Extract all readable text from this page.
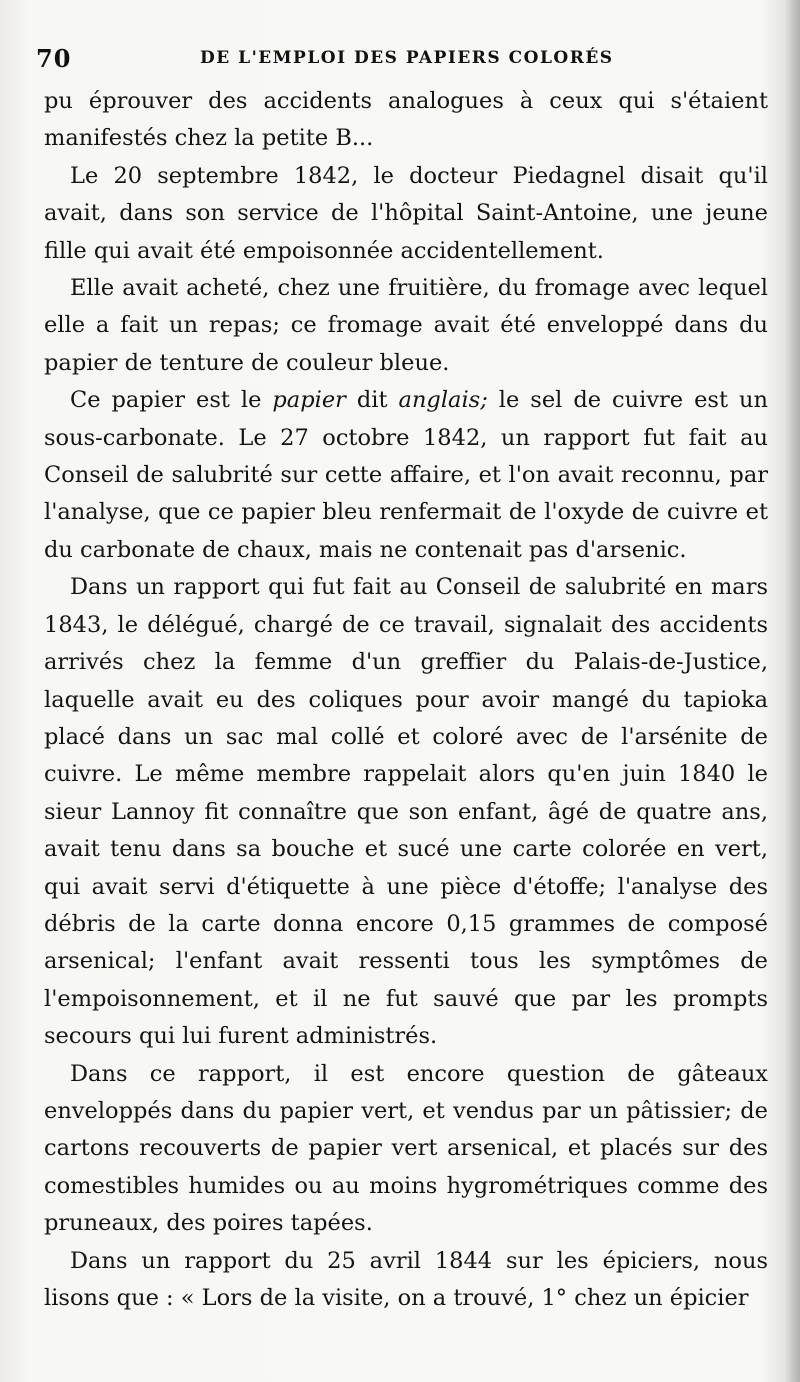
70	DE L'EMPLOI DES PAPIERS COLORÉS

pu éprouver des accidents analogues à ceux qui s'étaient manifestés chez la petite B...

Le 20 septembre 1842, le docteur Piedagnel disait qu'il avait, dans son service de l'hôpital Saint-Antoine, une jeune fille qui avait été empoisonnée accidentellement.

Elle avait acheté, chez une fruitière, du fromage avec lequel elle a fait un repas; ce fromage avait été enveloppé dans du papier de tenture de couleur bleue.

Ce papier est le papier dit anglais; le sel de cuivre est un sous-carbonate. Le 27 octobre 1842, un rapport fut fait au Conseil de salubrité sur cette affaire, et l'on avait reconnu, par l'analyse, que ce papier bleu renfermait de l'oxyde de cuivre et du carbonate de chaux, mais ne contenait pas d'arsenic.

Dans un rapport qui fut fait au Conseil de salubrité en mars 1843, le délégué, chargé de ce travail, signalait des accidents arrivés chez la femme d'un greffier du Palais-de-Justice, laquelle avait eu des coliques pour avoir mangé du tapioka placé dans un sac mal collé et coloré avec de l'arsénite de cuivre. Le même membre rappelait alors qu'en juin 1840 le sieur Lannoy fit connaître que son enfant, âgé de quatre ans, avait tenu dans sa bouche et sucé une carte colorée en vert, qui avait servi d'étiquette à une pièce d'étoffe; l'analyse des débris de la carte donna encore 0,15 grammes de composé arsenical; l'enfant avait ressenti tous les symptômes de l'empoisonnement, et il ne fut sauvé que par les prompts secours qui lui furent administrés.

Dans ce rapport, il est encore question de gâteaux enveloppés dans du papier vert, et vendus par un pâtissier; de cartons recouverts de papier vert arsenical, et placés sur des comestibles humides ou au moins hygrométriques comme des pruneaux, des poires tapées.

Dans un rapport du 25 avril 1844 sur les épiciers, nous lisons que : « Lors de la visite, on a trouvé, 1° chez un épicier
